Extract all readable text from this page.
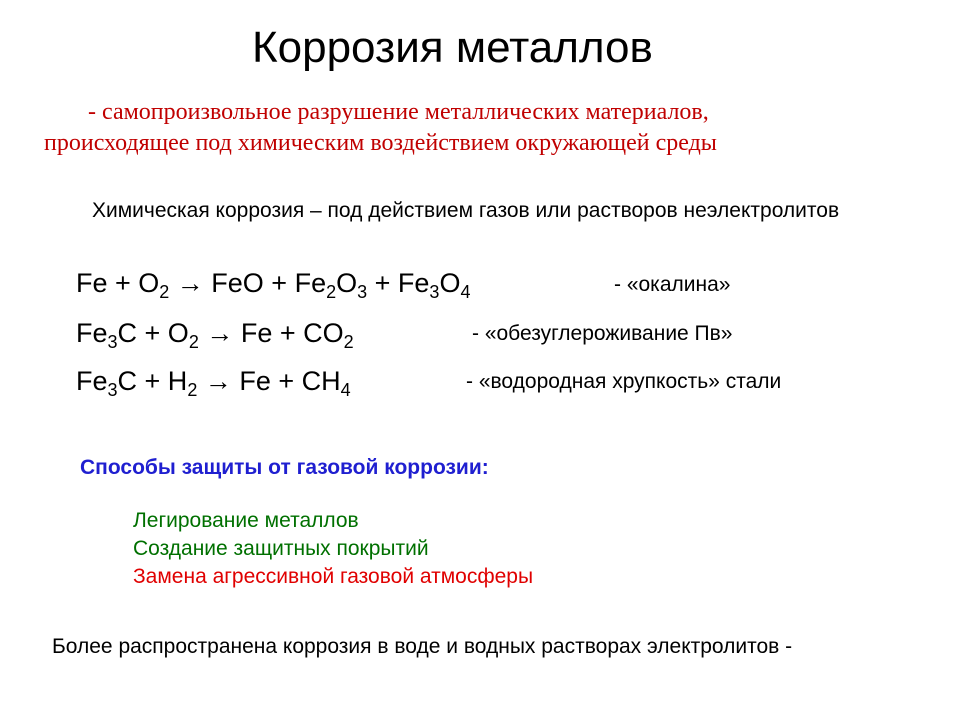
Коррозия металлов
- самопроизвольное разрушение металлических материалов,
происходящее под химическим воздействием окружающей среды
Химическая коррозия – под действием газов или растворов неэлектролитов
$Fe + O_2$ → FeO + $Fe_2O_3 + Fe_3O_4$	- «окалина»
$Fe_3C + O_2 \to Fe + CO_2$	- «обезуглероживание Пв»
$Fe_3C + H_2 \to Fe + CH_4$	- «водородная хрупкость» стали
Способы защиты от газовой коррозии:
Легирование металлов
Создание защитных покрытий
Замена агрессивной газовой атмосферы
Более распространена коррозия в воде и водных растворах электролитов -
